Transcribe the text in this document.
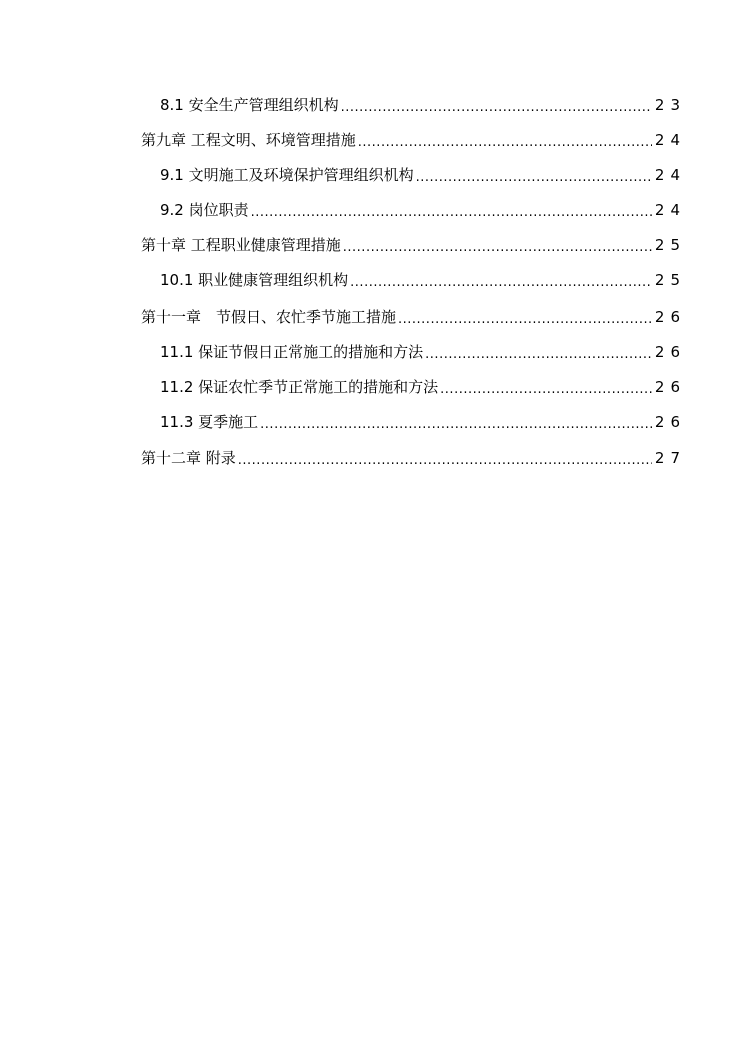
8.1 安全生产管理组织机构 .....	23
第九章 工程文明、环境管理措施 .....	24
9.1 文明施工及环境保护管理组织机构 .....	24
9.2 岗位职责 .....	24
第十章 工程职业健康管理措施 .....	25
10.1 职业健康管理组织机构 .....	25
第十一章　节假日、农忙季节施工措施 .....	26
11.1 保证节假日正常施工的措施和方法 .....	26
11.2 保证农忙季节正常施工的措施和方法 .....	26
11.3 夏季施工 .....	26
第十二章 附录 .....	27
